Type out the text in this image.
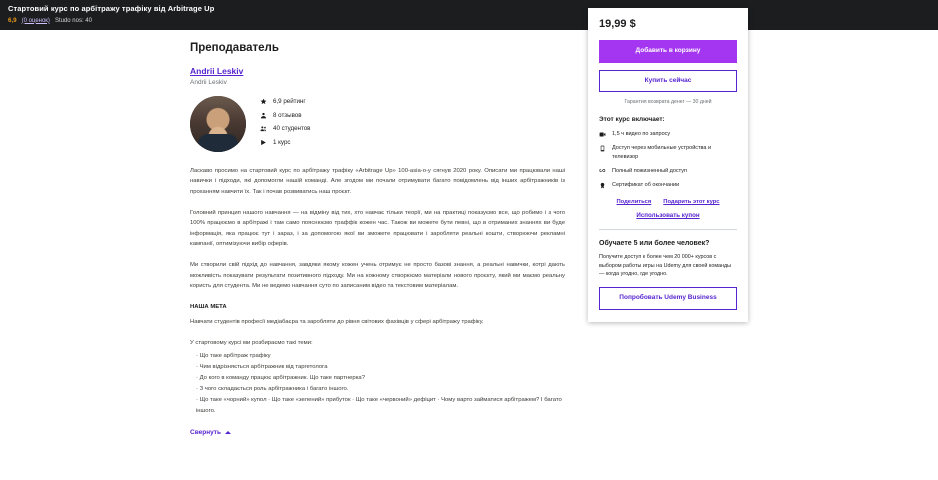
Стартовий курс по арбітражу трафіку від Arbitrage Up
6,9 (0 оценок) Studo nos: 40
Преподаватель
Andrii Leskiv
Andrii Leskiv
6,9 рейтинг
8 отзывов
40 студентов
1 курс

Ласкаво просимо на стартовий курс по арбітражу трафіку «Arbitrage Up» 100-asia-o-y сягнув 2020 року. Описати ми працювали наші навички і підходи, які допомогли нашій команді. Але згодом ми почали отримувати багато повідомлень від інших арбітражників із проханням навчити їх. Так і почав розвиватись наш проєкт.

Головний принцип нашого навчання — на відміну від тих, хто навчає тільки теорії, ми на практиці показуємо все, що робимо і з чого 100% працюємо в арбітражі і там само пояснюємо траффік кожен час. Також ви можете бути певні, що в отриманих знаннях ви буде інформація, яка працює тут і зараз, і за допомогою якої ви зможете працювати і заробляти реальні кошти, створюючи рекламні кампанії, оптимізуючи вибір оферів.

Ми створили свій підхід до навчання, завдяки якому кожен учень отримує не просто базові знання, а реальні навички, котрі дають можливість показувати результати позитивного підходу. Ми на кожному створюємо матеріали нового проєкту, який ми маємо реальну користь для студента. Ми не ведемо навчання суто по записаним відео та текстовим матеріалам.

НАША МЕТА

Навчати студентів професії медіабаєра та заробляти до рівня світових фахівців у сфері арбітражу трафіку.

У стартовому курсі ми розбираємо такі теми:

· Що таке арбітраж трафіку

· Чим відрізняється арбітражник від таргетолога

· До кого в команду працює арбітражник. Що таке партнерка?

· З чого складається роль арбітражника і багато іншого.

· Що таке «чорний» купол · Що таке «зелений» прибуток · Що таке «червоний» дефіцит · Чому варто займатися арбітражем? І багато іншого.

Свернуть
19,99 $
Добавить в корзину
Купить сейчас
Гарантия возврата денег — 30 дней
Этот курс включает:
1,5 ч видео по запросу
Доступ через мобильные устройства и телевизор
Полный пожизненный доступ
Сертификат об окончании
Поделиться Подарить этот курс
Использовать купон
Обучаете 5 или более человек?
Получите доступ к более чем 20 000+ курсов с выбором работы игры на Udemy для своей команды — когда угодно, где угодно.
Попробовать Udemy Business
